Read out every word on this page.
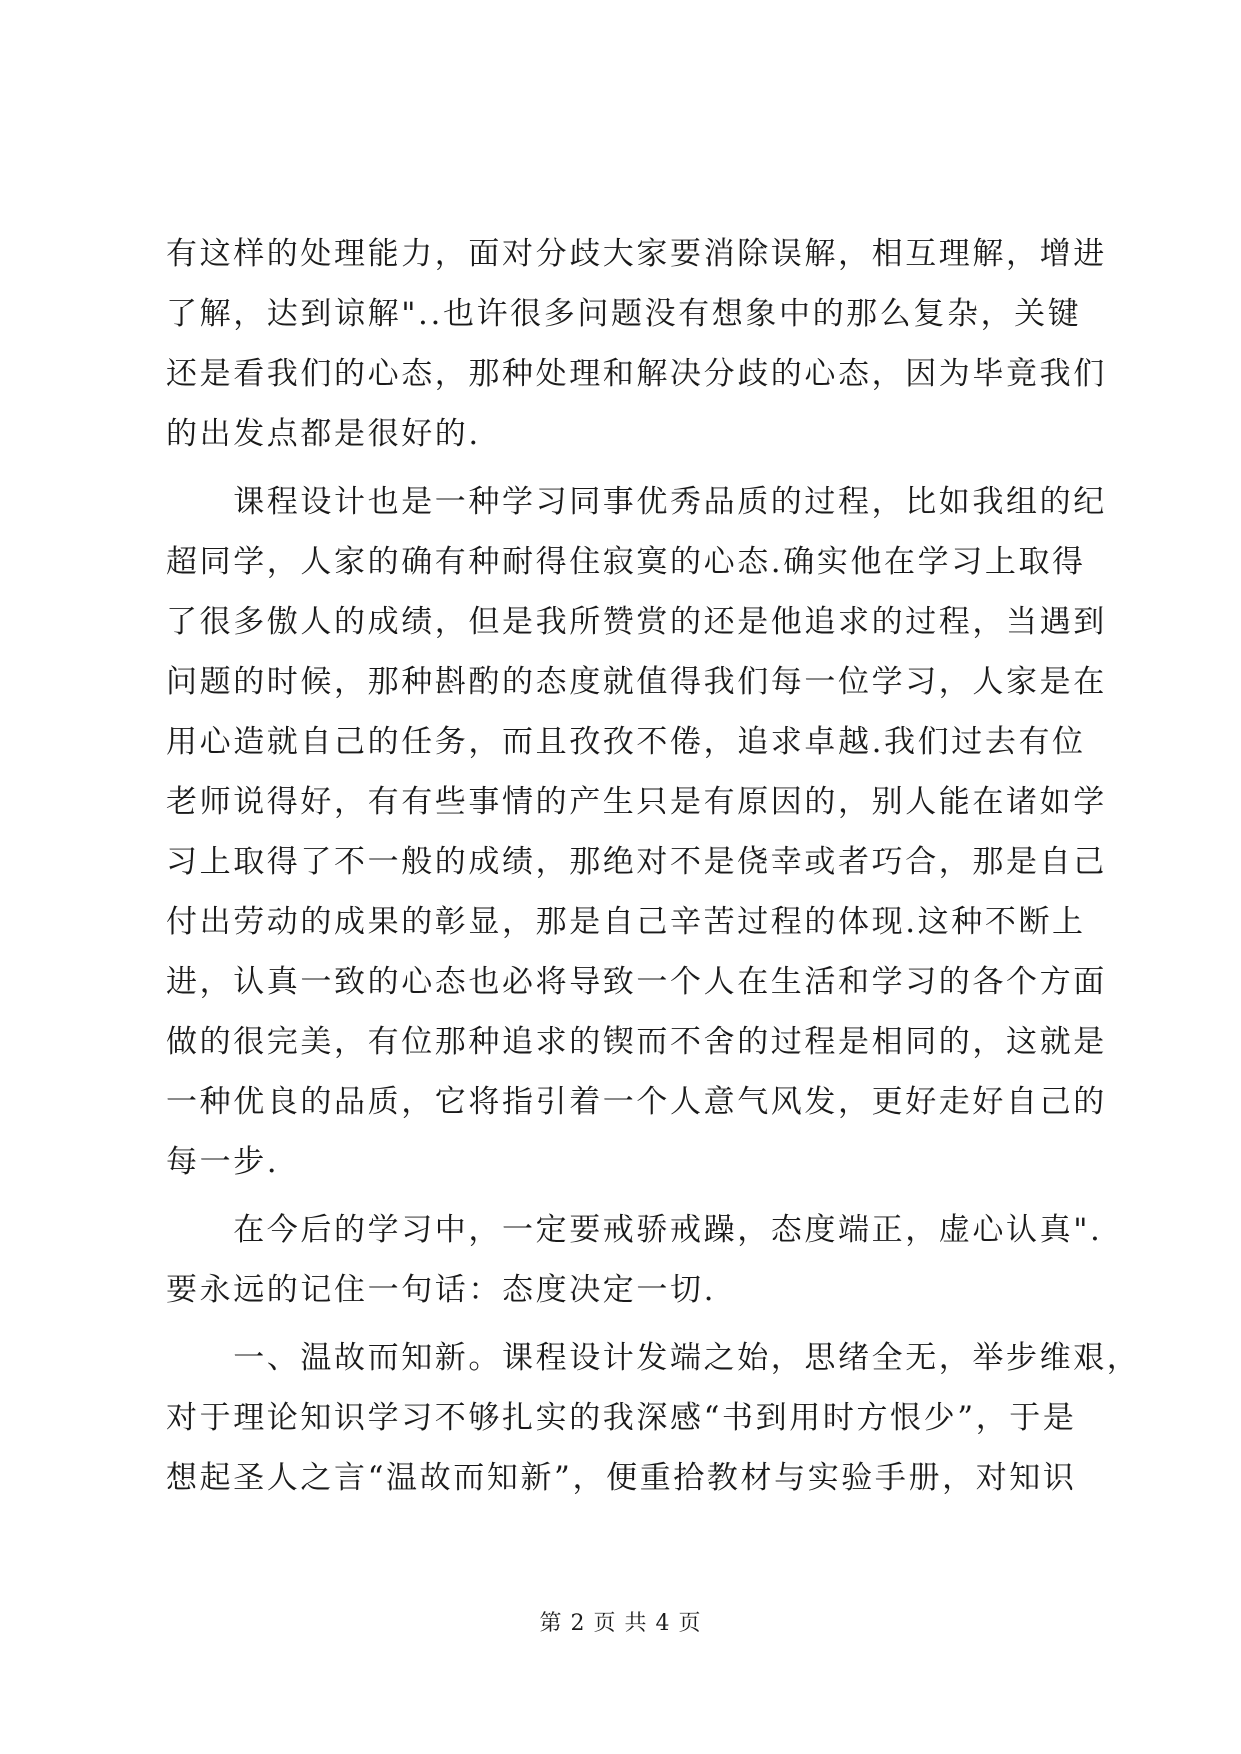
有这样的处理能力，面对分歧大家要消除误解，相互理解，增进
了解，达到谅解"..也许很多问题没有想象中的那么复杂，关键
还是看我们的心态，那种处理和解决分歧的心态，因为毕竟我们
的出发点都是很好的.
　　课程设计也是一种学习同事优秀品质的过程，比如我组的纪
超同学，人家的确有种耐得住寂寞的心态.确实他在学习上取得
了很多傲人的成绩，但是我所赞赏的还是他追求的过程，当遇到
问题的时候，那种斟酌的态度就值得我们每一位学习，人家是在
用心造就自己的任务，而且孜孜不倦，追求卓越.我们过去有位
老师说得好，有有些事情的产生只是有原因的，别人能在诸如学
习上取得了不一般的成绩，那绝对不是侥幸或者巧合，那是自己
付出劳动的成果的彰显，那是自己辛苦过程的体现.这种不断上
进，认真一致的心态也必将导致一个人在生活和学习的各个方面
做的很完美，有位那种追求的锲而不舍的过程是相同的，这就是
一种优良的品质，它将指引着一个人意气风发，更好走好自己的
每一步.
　　在今后的学习中，一定要戒骄戒躁，态度端正，虚心认真".
要永远的记住一句话：态度决定一切.
　　一、温故而知新。课程设计发端之始，思绪全无，举步维艰，
对于理论知识学习不够扎实的我深感“书到用时方恨少”，于是
想起圣人之言“温故而知新”，便重拾教材与实验手册，对知识
第 2 页 共 4 页
